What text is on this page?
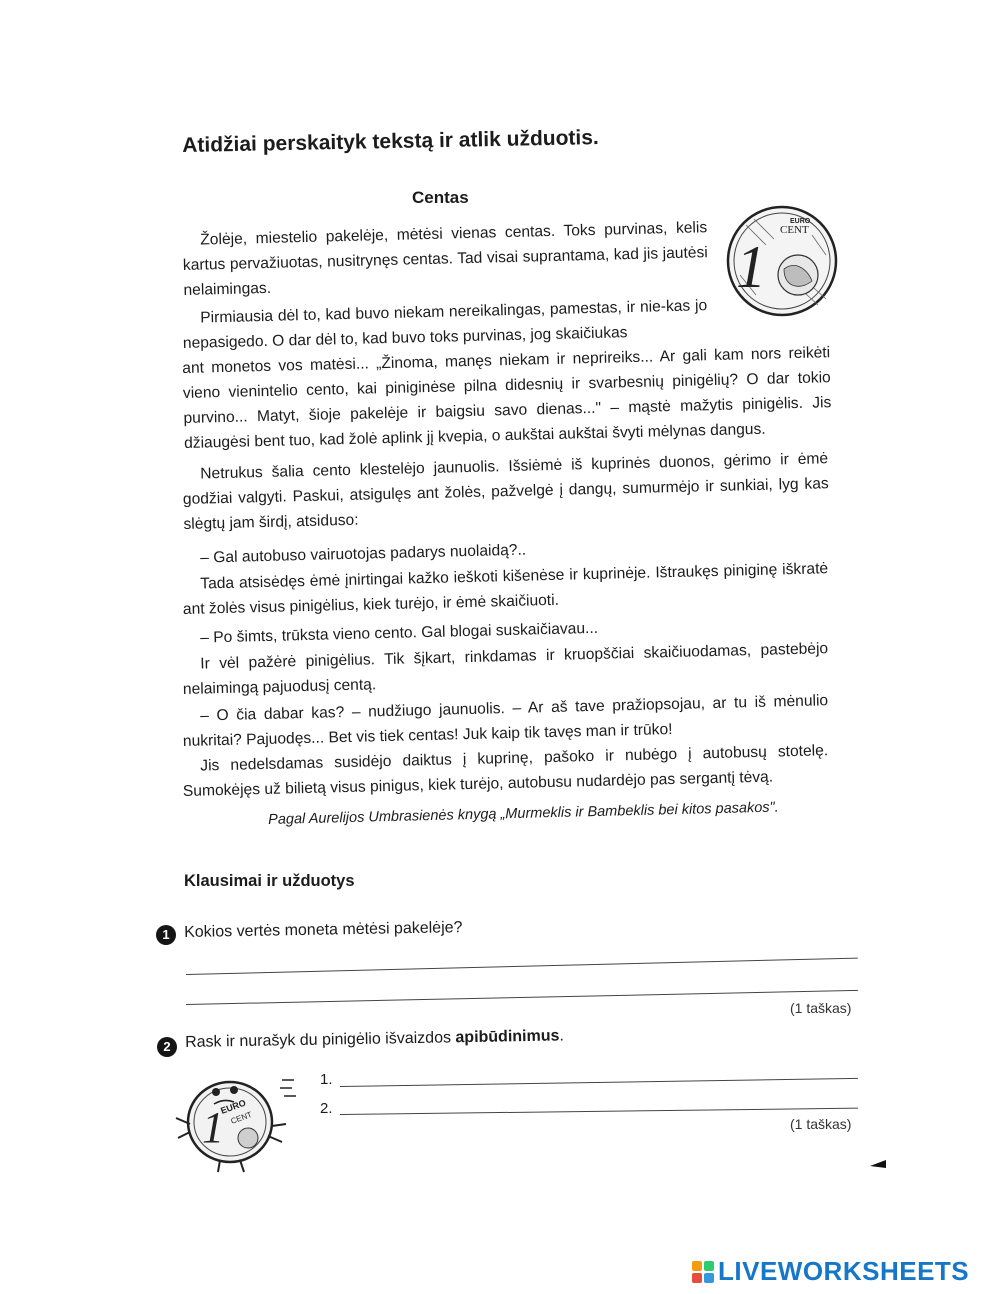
Atidžiai perskaityk tekstą ir atlik užduotis.

Centas

1
EURO
CENT

Žolėje, miestelio pakelėje, mėtėsi vienas centas. Toks purvinas, kelis kartus pervažiuotas, nusitrynęs centas. Tad visai suprantama, kad jis jautėsi nelaimingas.

Pirmiausia dėl to, kad buvo niekam nereikalingas, pamestas, ir nie-kas jo nepasigedo. O dar dėl to, kad buvo toks purvinas, jog skaičiukas

ant monetos vos matėsi... „Žinoma, manęs niekam ir neprireiks... Ar gali kam nors reikėti vieno vienintelio cento, kai piniginėse pilna didesnių ir svarbesnių pinigėlių? O dar tokio purvino... Matyt, šioje pakelėje ir baigsiu savo dienas..." – mąstė mažytis pinigėlis. Jis džiaugėsi bent tuo, kad žolė aplink jį kvepia, o aukštai aukštai švyti mėlynas dangus.

Netrukus šalia cento klestelėjo jaunuolis. Išsiėmė iš kuprinės duonos, gėrimo ir ėmė godžiai valgyti. Paskui, atsigulęs ant žolės, pažvelgė į dangų, sumurmėjo ir sunkiai, lyg kas slėgtų jam širdį, atsiduso:

– Gal autobuso vairuotojas padarys nuolaidą?..

Tada atsisėdęs ėmė įnirtingai kažko ieškoti kišenėse ir kuprinėje. Ištraukęs piniginę iškratė ant žolės visus pinigėlius, kiek turėjo, ir ėmė skaičiuoti.

– Po šimts, trūksta vieno cento. Gal blogai suskaičiavau...

Ir vėl pažėrė pinigėlius. Tik šįkart, rinkdamas ir kruopščiai skaičiuodamas, pastebėjo nelaimingą pajuodusį centą.

– O čia dabar kas? – nudžiugo jaunuolis. – Ar aš tave pražiopsojau, ar tu iš mėnulio nukritai? Pajuodęs... Bet vis tiek centas! Juk kaip tik tavęs man ir trūko!

Jis nedelsdamas susidėjo daiktus į kuprinę, pašoko ir nubėgo į autobusų stotelę. Sumokėjęs už bilietą visus pinigus, kiek turėjo, autobusu nudardėjo pas sergantį tėvą.

Pagal Aurelijos Umbrasienės knygą „Murmeklis ir Bambeklis bei kitos pasakos".

Klausimai ir užduotys

1 Kokios vertės moneta mėtėsi pakelėje?

(1 taškas)

2 Rask ir nurašyk du pinigėlio išvaizdos apibūdinimus.

1
EURO
CENT

1.

2.

(1 taškas)

LIVEWORKSHEETS
